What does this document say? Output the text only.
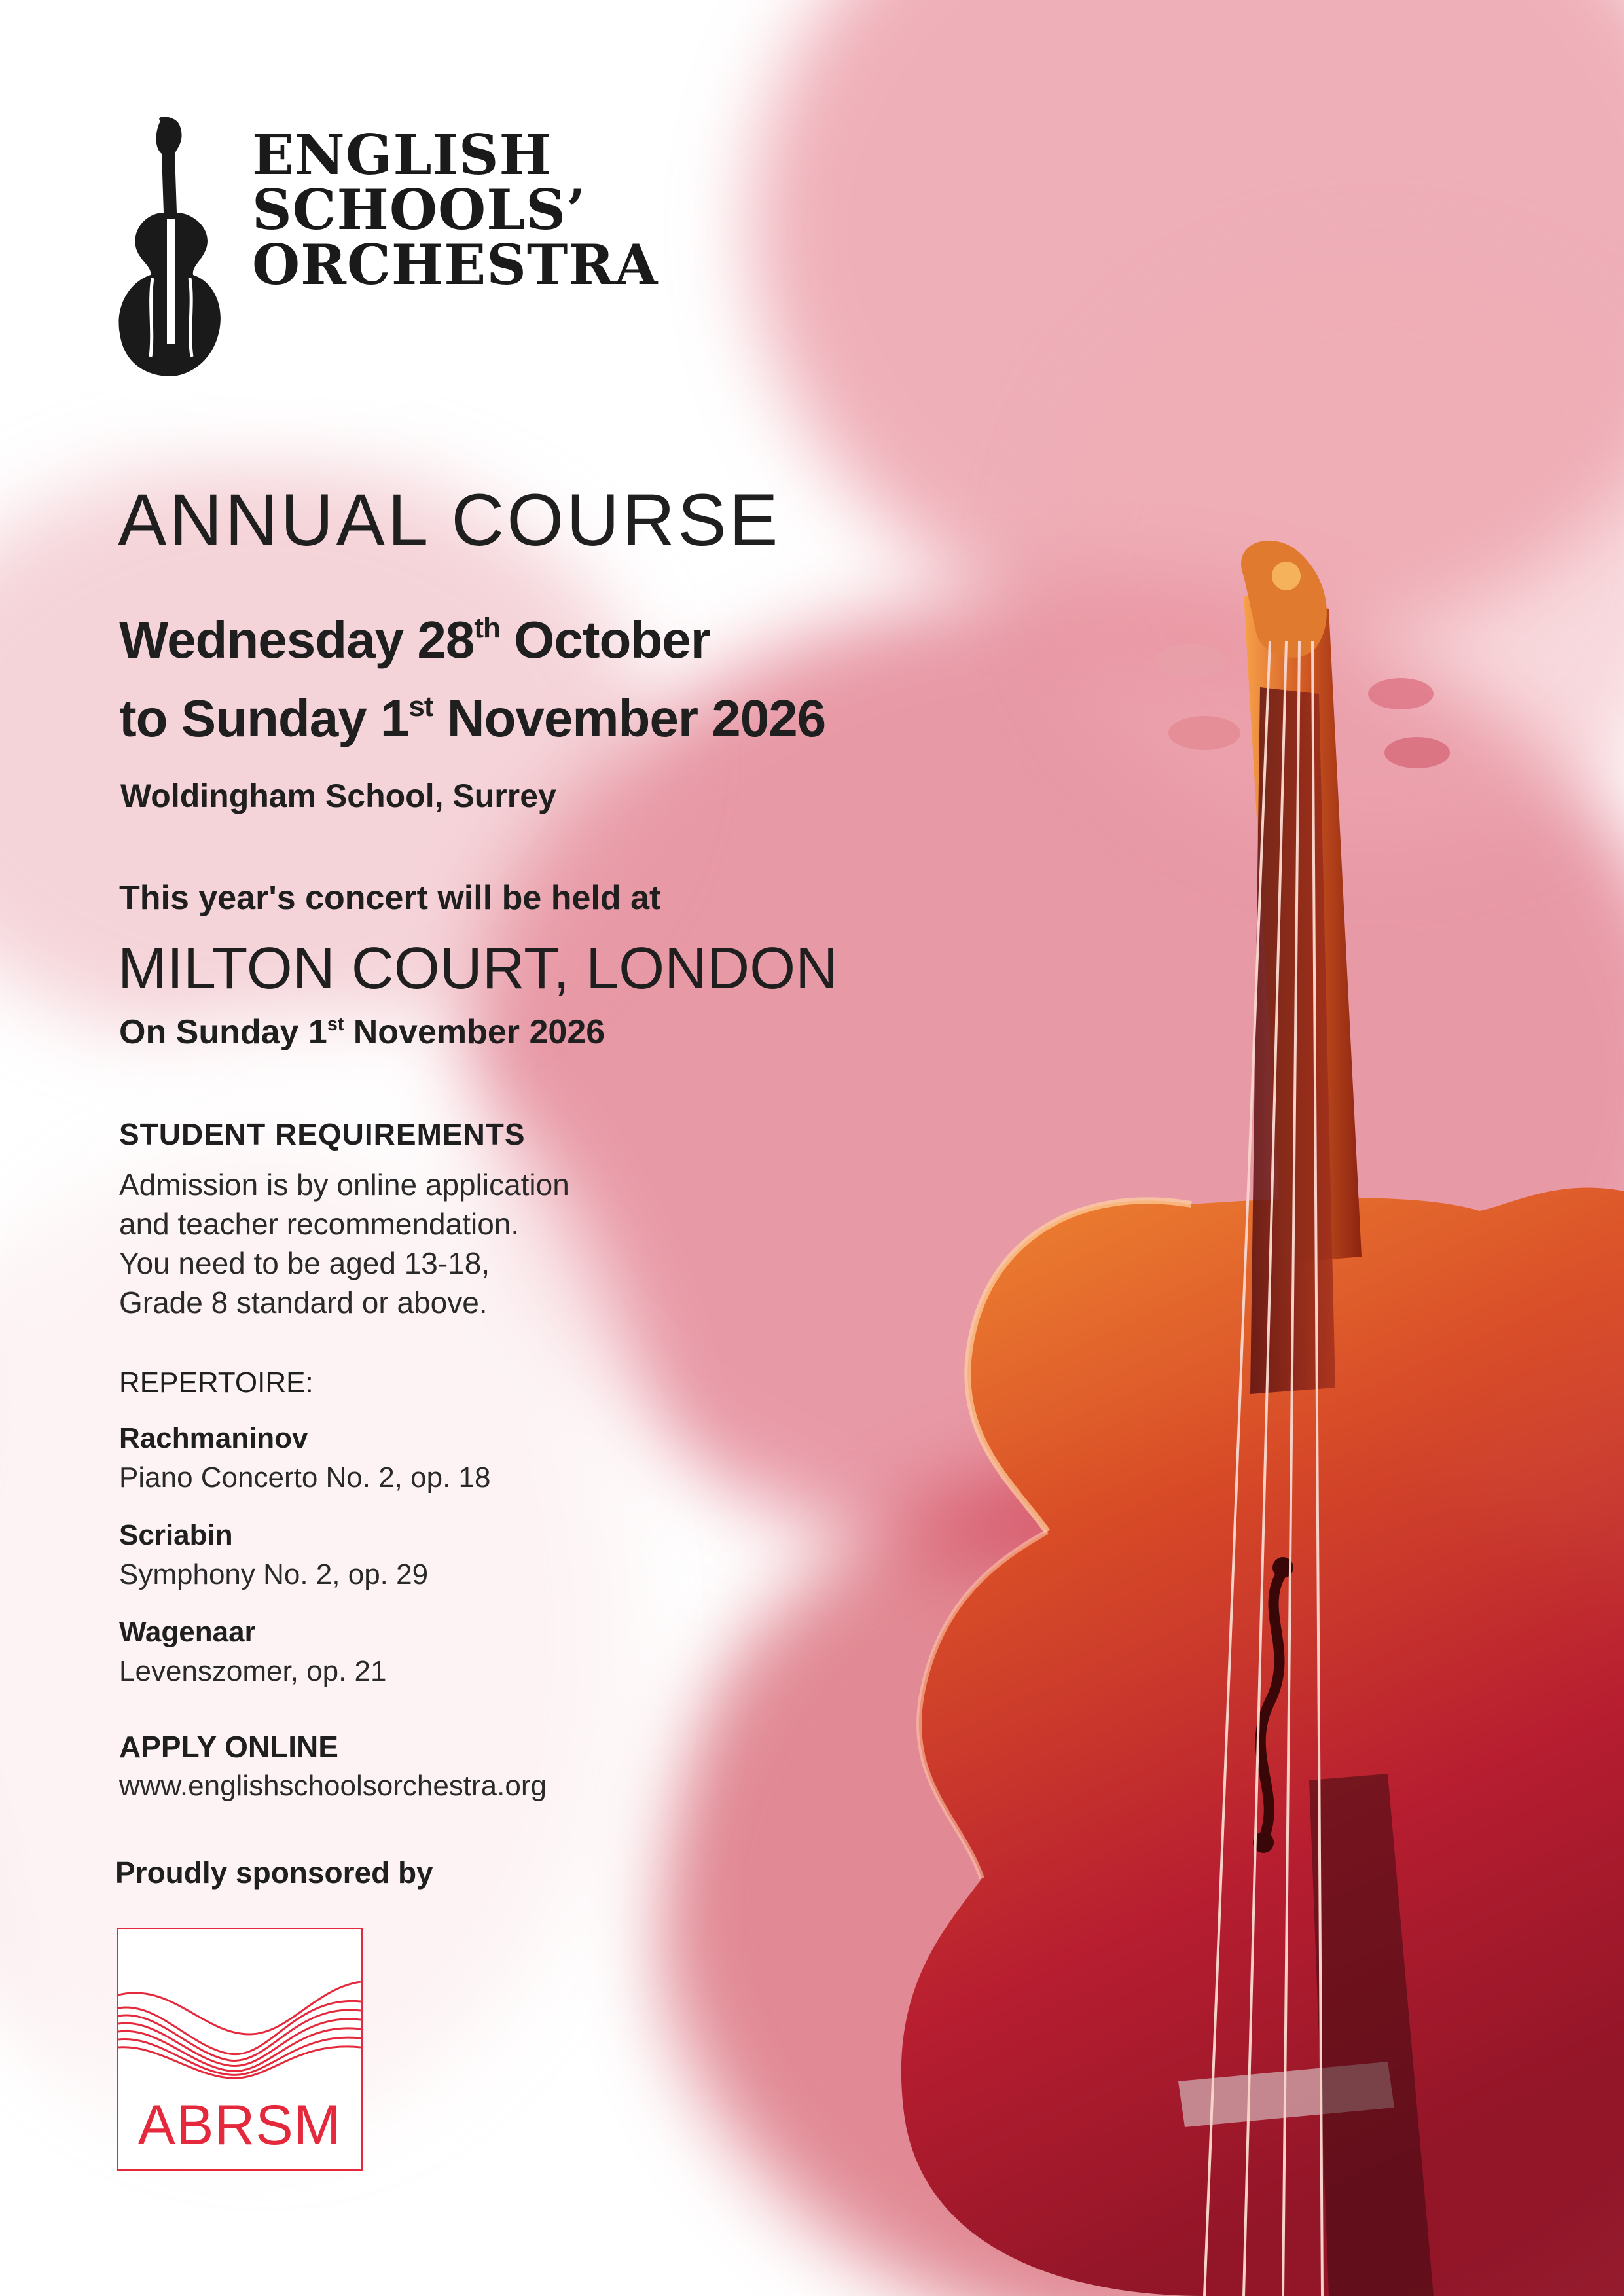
ENGLISH
SCHOOLS’
ORCHESTRA
ANNUAL COURSE
Wednesday 28th October
to Sunday 1st November 2026
Woldingham School, Surrey
This year's concert will be held at
MILTON COURT, LONDON
On Sunday 1st November 2026
STUDENT REQUIREMENTS
Admission is by online application
and teacher recommendation.
You need to be aged 13-18,
Grade 8 standard or above.
REPERTOIRE:
Rachmaninov
Piano Concerto No. 2, op. 18
Scriabin
Symphony No. 2, op. 29
Wagenaar
Levenszomer, op. 21
APPLY ONLINE
www.englishschoolsorchestra.org
Proudly sponsored by
ABRSM
